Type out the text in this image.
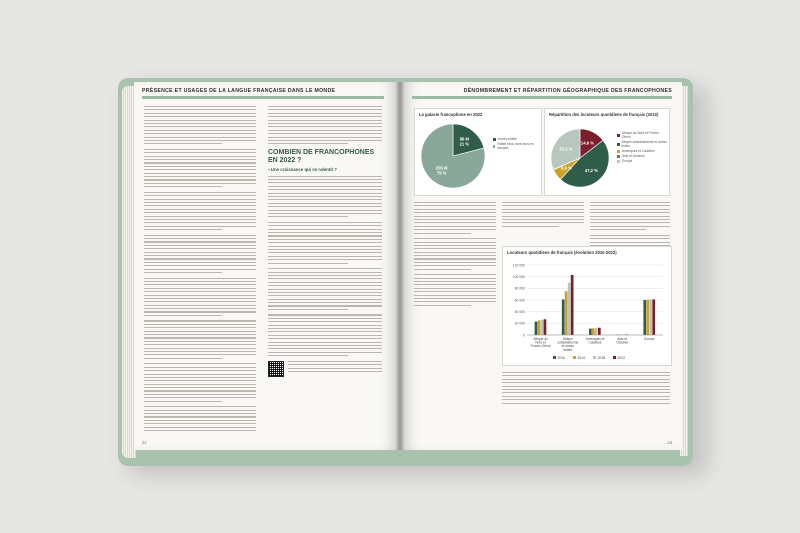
PRÉSENCE ET USAGES DE LA LANGUE FRANÇAISE DANS LE MONDE
COMBIEN DE FRANCOPHONES
EN 2022 ?
▪ Une croissance qui se ralentit ?
22
DÉNOMBREMENT ET RÉPARTITION GÉOGRAPHIQUE DES FRANCOPHONES
La galaxie francophone en 2022
88 M
21 %
255 M
79 %
Autre planète
Faible et/ou vivre avec en français
Répartition des locuteurs quotidiens de français (2022)
14,6 %
47,2 %
6,6 %
31,5 %
Afrique du Nord et Proche-Orient
Afrique subsaharienne et océan Indien
Amériques et Caraïbes
Asie et Océanie
Europe
Locuteurs quotidiens de français (évolution 2010-2022)
0
20 000
40 000
60 000
80 000
100 000
120 000
Afrique du Nord et Proche-Orient
Afrique subsaharienne et océan Indien
Amériques et Caraïbes
Asie et Océanie
Europe
2010	2014	2018	2022
23
